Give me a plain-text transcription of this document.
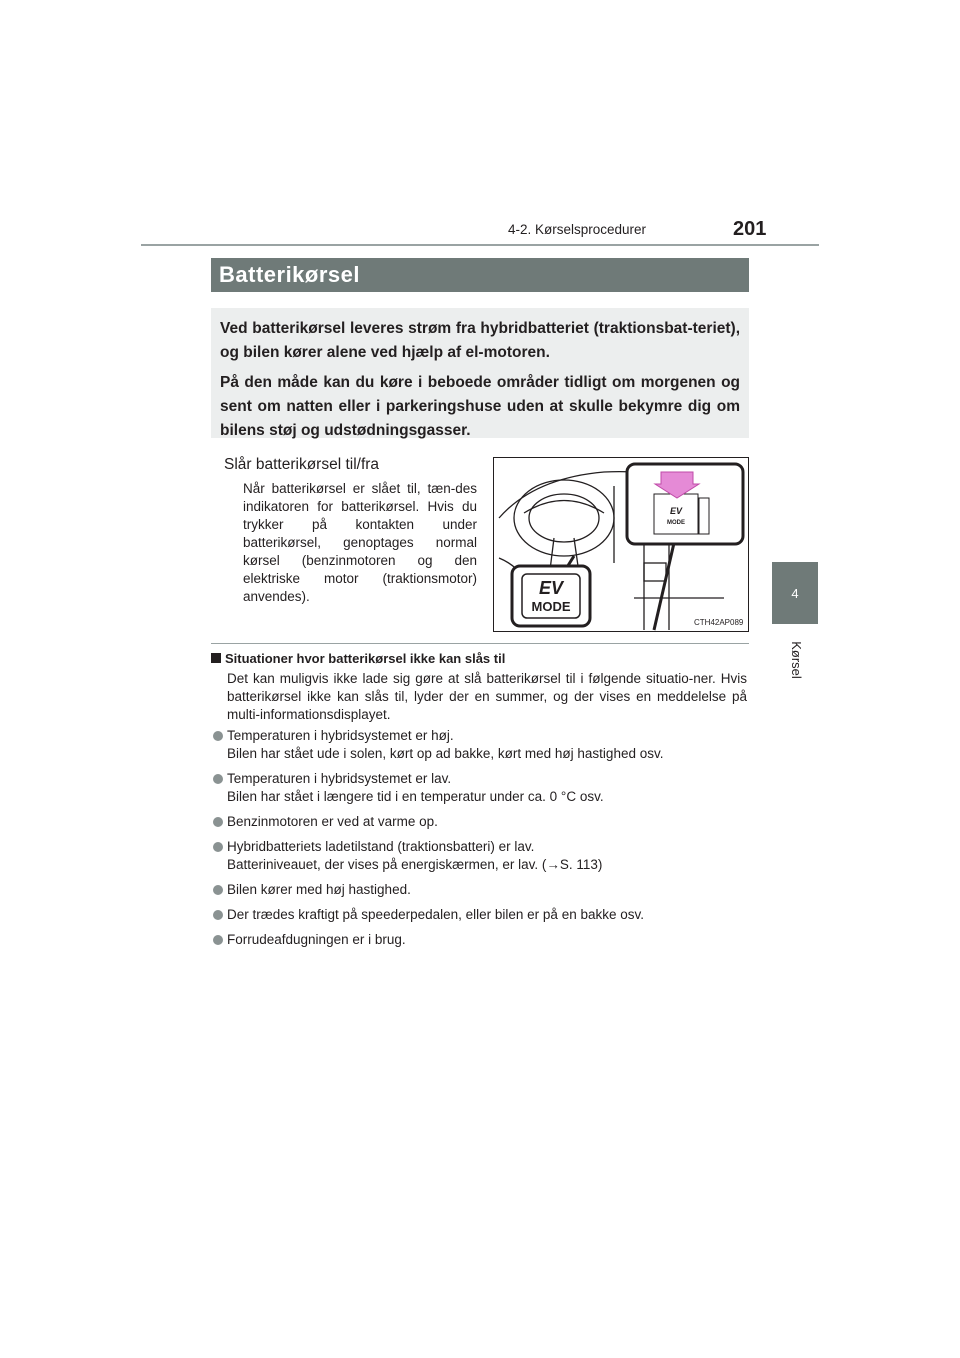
4-2. Kørselsprocedurer	201
4
Kørsel
Batterikørsel

Ved batterikørsel leveres strøm fra hybridbatteriet (traktionsbat-teriet), og bilen kører alene ved hjælp af el-motoren.

På den måde kan du køre i beboede områder tidligt om morgenen og sent om natten eller i parkeringshuse uden at skulle bekymre dig om bilens støj og udstødningsgasser.

Slår batterikørsel til/fra
Når batterikørsel er slået til, tæn-des indikatoren for batterikørsel. Hvis du trykker på kontakten under batterikørsel, genoptages normal kørsel (benzinmotoren og den elektriske motor (traktionsmotor) anvendes).	EV
MODE
EV
MODE
CTH42AP089
Situationer hvor batterikørsel ikke kan slås til
Det kan muligvis ikke lade sig gøre at slå batterikørsel til i følgende situatio-ner. Hvis batterikørsel ikke kan slås til, lyder der en summer, og der vises en meddelelse på multi-informationsdisplayet.
Temperaturen i hybridsystemet er høj.
Bilen har stået ude i solen, kørt op ad bakke, kørt med høj hastighed osv.
Temperaturen i hybridsystemet er lav.
Bilen har stået i længere tid i en temperatur under ca. 0 °C osv.
Benzinmotoren er ved at varme op.
Hybridbatteriets ladetilstand (traktionsbatteri) er lav.
Batteriniveauet, der vises på energiskærmen, er lav. (→S. 113)
Bilen kører med høj hastighed.
Der trædes kraftigt på speederpedalen, eller bilen er på en bakke osv.
Forrudeafdugningen er i brug.
